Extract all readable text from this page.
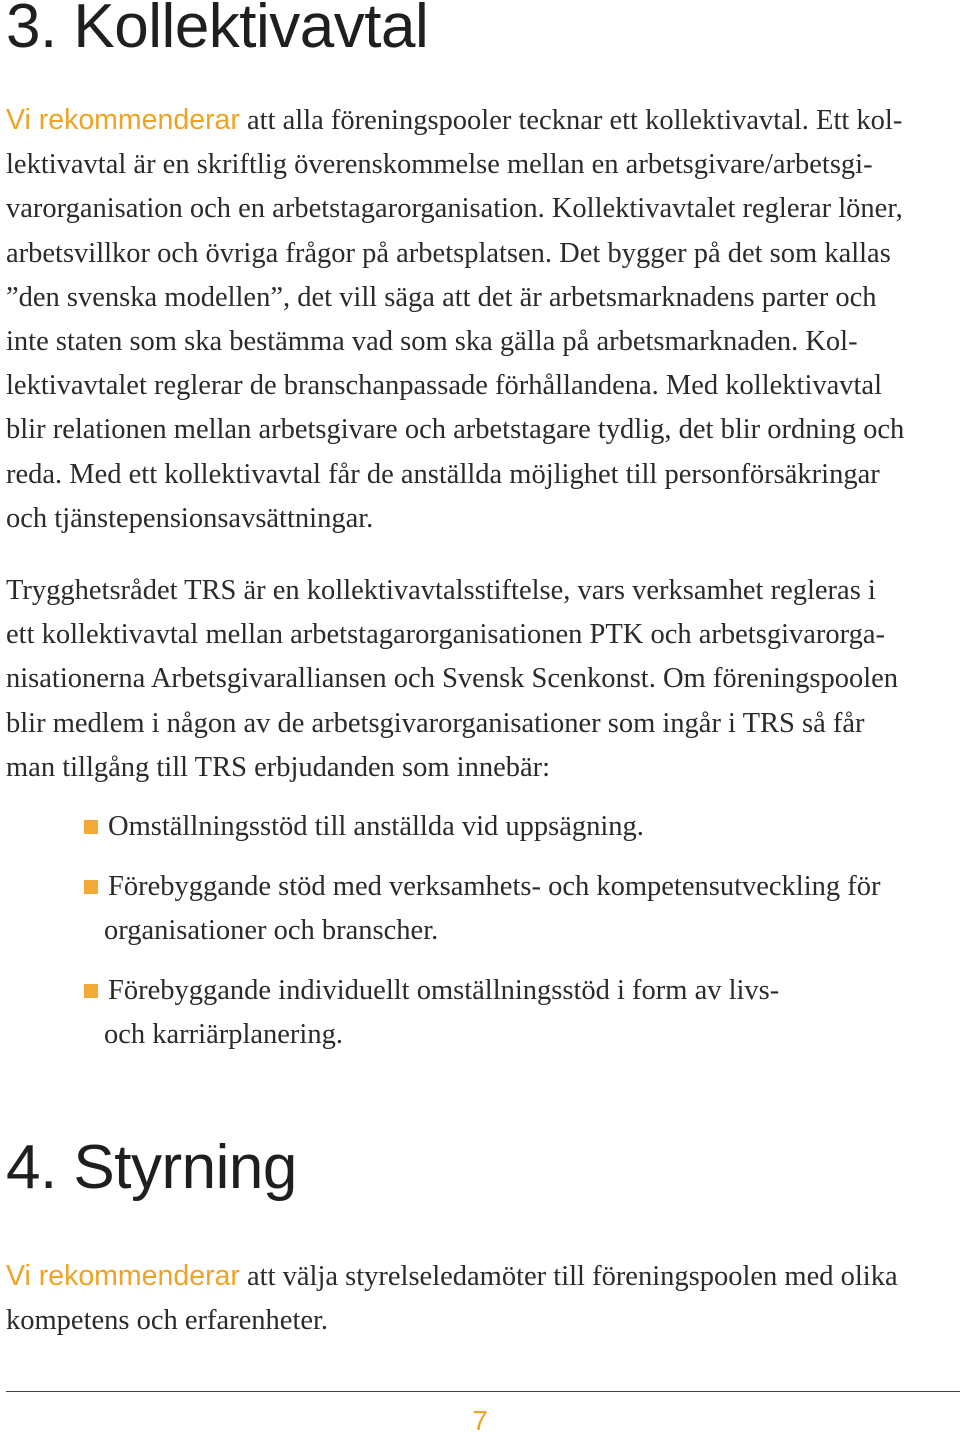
3. Kollektivavtal
Vi rekommenderar att alla föreningspooler tecknar ett kollektivavtal. Ett kol-
lektivavtal är en skriftlig överenskommelse mellan en arbetsgivare/arbetsgi-
varorganisation och en arbetstagarorganisation. Kollektivavtalet reglerar löner,
arbetsvillkor och övriga frågor på arbetsplatsen. Det bygger på det som kallas
”den svenska modellen”, det vill säga att det är arbetsmarknadens parter och
inte staten som ska bestämma vad som ska gälla på arbetsmarknaden. Kol-
lektivavtalet reglerar de branschanpassade förhållandena. Med kollektivavtal
blir relationen mellan arbetsgivare och arbetstagare tydlig, det blir ordning och
reda. Med ett kollektivavtal får de anställda möjlighet till personförsäkringar
och tjänstepensionsavsättningar.
Trygghetsrådet TRS är en kollektivavtalsstiftelse, vars verksamhet regleras i
ett kollektivavtal mellan arbetstagarorganisationen PTK och arbetsgivarorga-
nisationerna Arbetsgivaralliansen och Svensk Scenkonst. Om föreningspoolen
blir medlem i någon av de arbetsgivarorganisationer som ingår i TRS så får
man tillgång till TRS erbjudanden som innebär:
Omställningsstöd till anställda vid uppsägning.
Förebyggande stöd med verksamhets- och kompetensutveckling för
organisationer och branscher.
Förebyggande individuellt omställningsstöd i form av livs-
och karriärplanering.
4. Styrning
Vi rekommenderar att välja styrelseledamöter till föreningspoolen med olika
kompetens och erfarenheter.
7
